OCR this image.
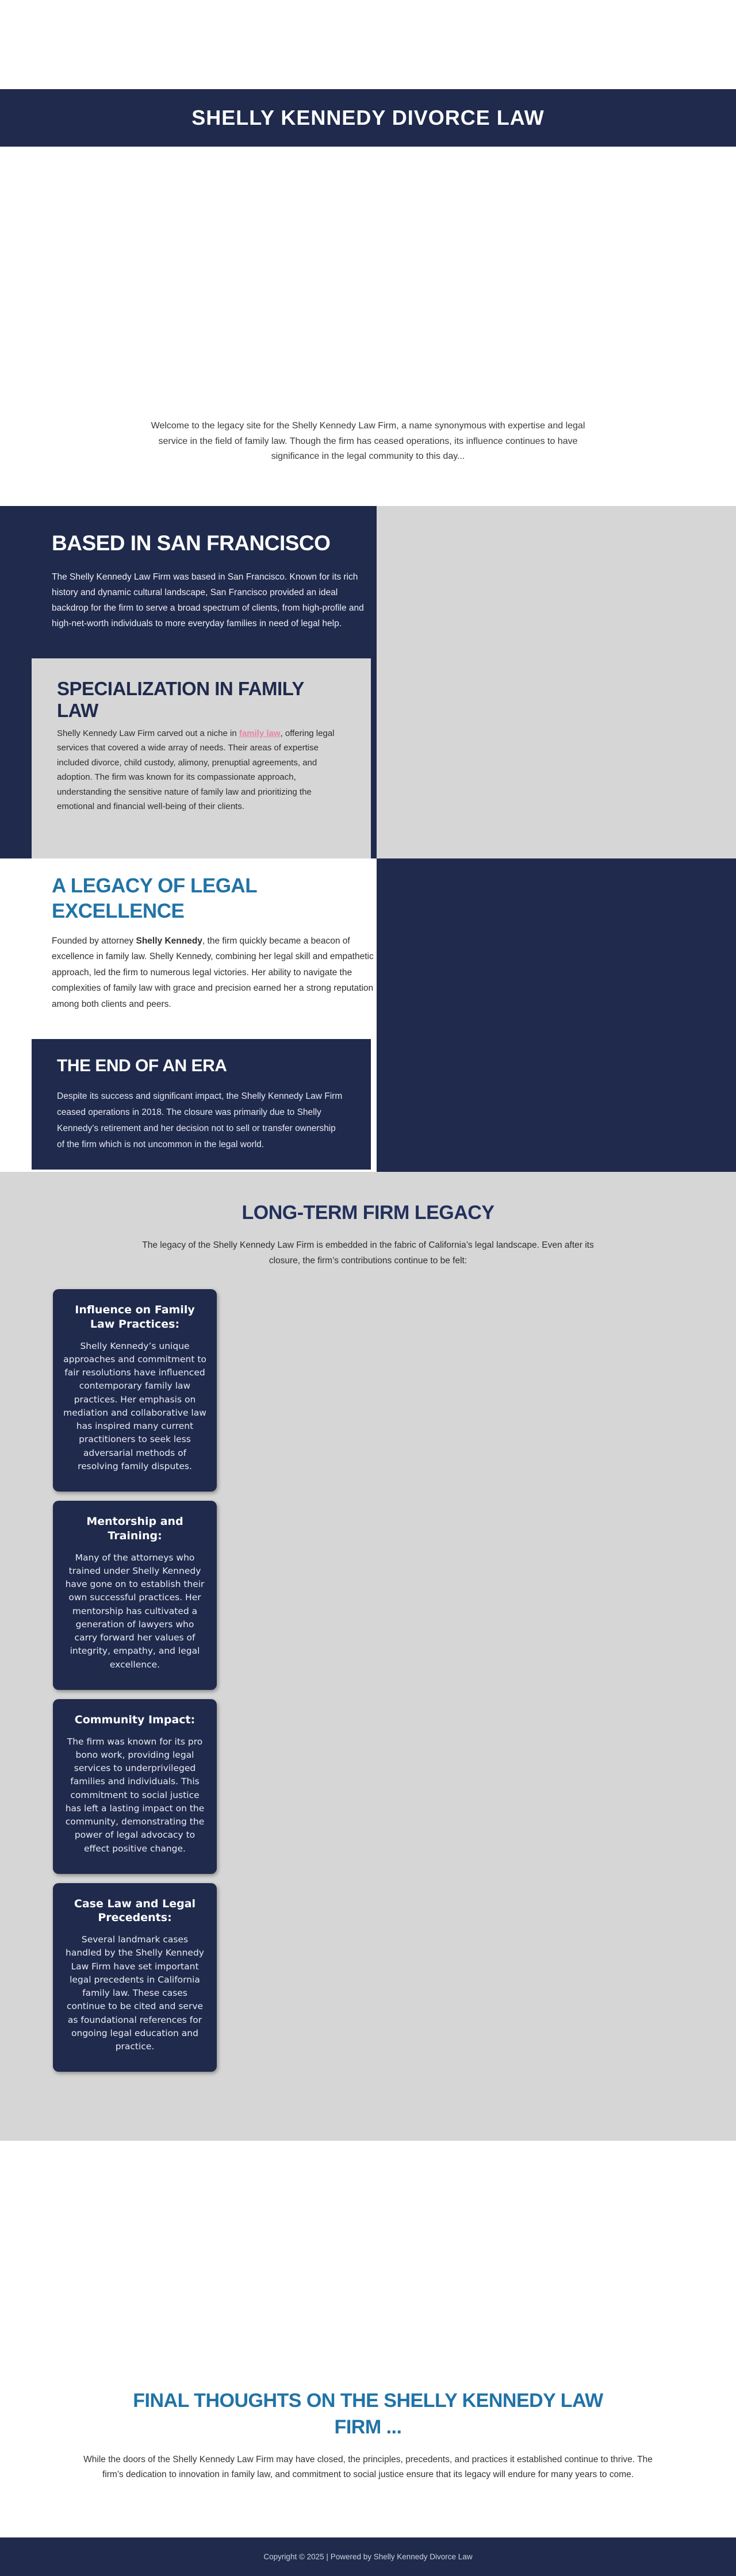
SHELLY KENNEDY DIVORCE LAW

Welcome to the legacy site for the Shelly Kennedy Law Firm, a name synonymous with expertise and legal service in the field of family law. Though the firm has ceased operations, its influence continues to have significance in the legal community to this day...

BASED IN SAN FRANCISCO

The Shelly Kennedy Law Firm was based in San Francisco. Known for its rich history and dynamic cultural landscape, San Francisco provided an ideal backdrop for the firm to serve a broad spectrum of clients, from high-profile and high-net-worth individuals to more everyday families in need of legal help.

SPECIALIZATION IN FAMILY LAW

Shelly Kennedy Law Firm carved out a niche in family law, offering legal services that covered a wide array of needs. Their areas of expertise included divorce, child custody, alimony, prenuptial agreements, and adoption. The firm was known for its compassionate approach, understanding the sensitive nature of family law and prioritizing the emotional and financial well-being of their clients.

A LEGACY OF LEGAL EXCELLENCE

Founded by attorney Shelly Kennedy, the firm quickly became a beacon of excellence in family law. Shelly Kennedy, combining her legal skill and empathetic approach, led the firm to numerous legal victories. Her ability to navigate the complexities of family law with grace and precision earned her a strong reputation among both clients and peers.

THE END OF AN ERA

Despite its success and significant impact, the Shelly Kennedy Law Firm ceased operations in 2018. The closure was primarily due to Shelly Kennedy’s retirement and her decision not to sell or transfer ownership of the firm which is not uncommon in the legal world.

LONG-TERM FIRM LEGACY

The legacy of the Shelly Kennedy Law Firm is embedded in the fabric of California’s legal landscape. Even after its closure, the firm’s contributions continue to be felt:

Influence on Family Law Practices:

Shelly Kennedy’s unique approaches and commitment to fair resolutions have influenced contemporary family law practices. Her emphasis on mediation and collaborative law has inspired many current practitioners to seek less adversarial methods of resolving family disputes.

Mentorship and Training:

Many of the attorneys who trained under Shelly Kennedy have gone on to establish their own successful practices. Her mentorship has cultivated a generation of lawyers who carry forward her values of integrity, empathy, and legal excellence.

Community Impact:

The firm was known for its pro bono work, providing legal services to underprivileged families and individuals. This commitment to social justice has left a lasting impact on the community, demonstrating the power of legal advocacy to effect positive change.

Case Law and Legal Precedents:

Several landmark cases handled by the Shelly Kennedy Law Firm have set important legal precedents in California family law. These cases continue to be cited and serve as foundational references for ongoing legal education and practice.

FINAL THOUGHTS ON THE SHELLY KENNEDY LAW FIRM ...

While the doors of the Shelly Kennedy Law Firm may have closed, the principles, precedents, and practices it established continue to thrive. The firm’s dedication to innovation in family law, and commitment to social justice ensure that its legacy will endure for many years to come.

Copyright © 2025 | Powered by Shelly Kennedy Divorce Law
